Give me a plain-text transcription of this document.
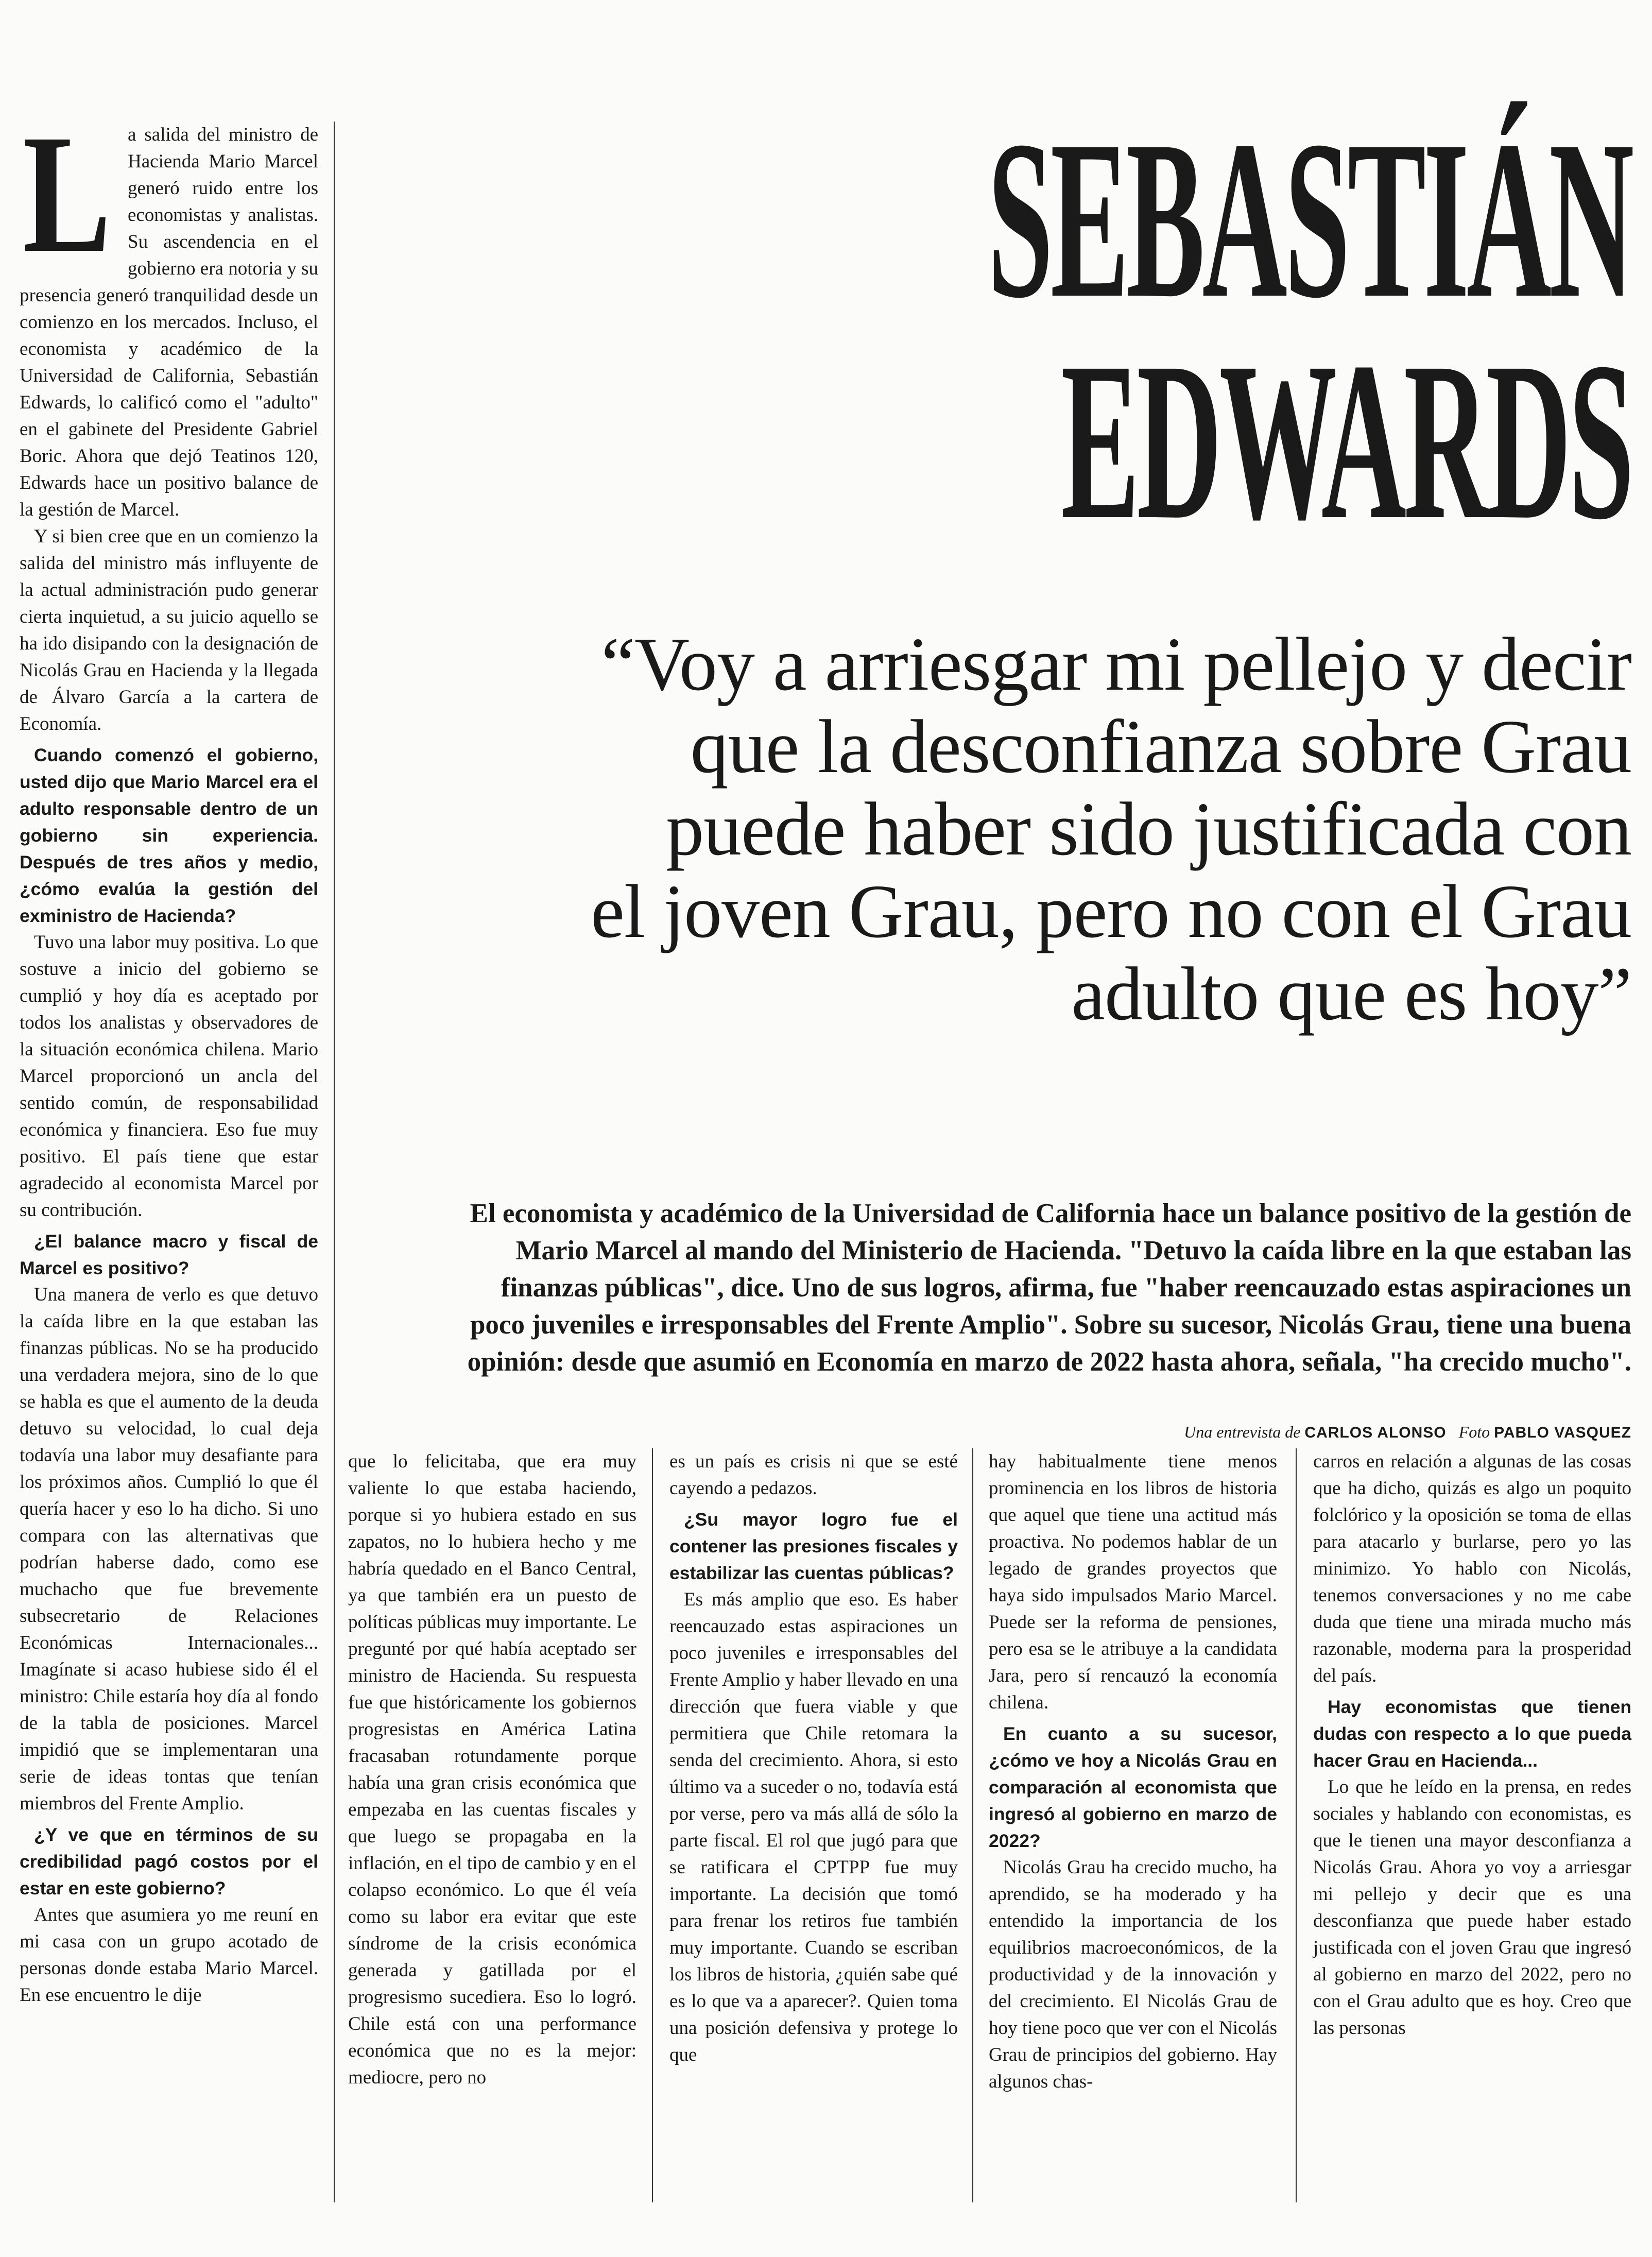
L a salida del ministro de Hacienda Mario Marcel generó ruido entre los economistas y analistas. Su ascendencia en el gobierno era notoria y su presencia generó tranquilidad desde un comienzo en los mercados. Incluso, el economista y académico de la Universidad de California, Sebastián Edwards, lo calificó como el "adulto" en el gabinete del Presidente Gabriel Boric. Ahora que dejó Teatinos 120, Edwards hace un positivo balance de la gestión de Marcel.

Y si bien cree que en un comienzo la salida del ministro más influyente de la actual administración pudo generar cierta inquietud, a su juicio aquello se ha ido disipando con la designación de Nicolás Grau en Hacienda y la llegada de Álvaro García a la cartera de Economía.

Cuando comenzó el gobierno, usted dijo que Mario Marcel era el adulto responsable dentro de un gobierno sin experiencia. Después de tres años y medio, ¿cómo evalúa la gestión del exministro de Hacienda?

Tuvo una labor muy positiva. Lo que sostuve a inicio del gobierno se cumplió y hoy día es aceptado por todos los analistas y observadores de la situación económica chilena. Mario Marcel proporcionó un ancla del sentido común, de responsabilidad económica y financiera. Eso fue muy positivo. El país tiene que estar agradecido al economista Marcel por su contribución.

¿El balance macro y fiscal de Marcel es positivo?

Una manera de verlo es que detuvo la caída libre en la que estaban las finanzas públicas. No se ha producido una verdadera mejora, sino de lo que se habla es que el aumento de la deuda detuvo su velocidad, lo cual deja todavía una labor muy desafiante para los próximos años. Cumplió lo que él quería hacer y eso lo ha dicho. Si uno compara con las alternativas que podrían haberse dado, como ese muchacho que fue brevemente subsecretario de Relaciones Económicas Internacionales... Imagínate si acaso hubiese sido él el ministro: Chile estaría hoy día al fondo de la tabla de posiciones. Marcel impidió que se implementaran una serie de ideas tontas que tenían miembros del Frente Amplio.

¿Y ve que en términos de su credibilidad pagó costos por el estar en este gobierno?

Antes que asumiera yo me reuní en mi casa con un grupo acotado de personas donde estaba Mario Marcel. En ese encuentro le dije

SEBASTIÁN
EDWARDS
“Voy a arriesgar mi pellejo y decir
que la desconfianza sobre Grau
puede haber sido justificada con
el joven Grau, pero no con el Grau
adulto que es hoy”
El economista y académico de la Universidad de California hace un balance positivo de la gestión de Mario Marcel al mando del Ministerio de Hacienda. "Detuvo la caída libre en la que estaban las finanzas públicas", dice. Uno de sus logros, afirma, fue "haber reencauzado estas aspiraciones un poco juveniles e irresponsables del Frente Amplio". Sobre su sucesor, Nicolás Grau, tiene una buena opinión: desde que asumió en Economía en marzo de 2022 hasta ahora, señala, "ha crecido mucho".
Una entrevista de CARLOS ALONSO Foto PABLO VASQUEZ

que lo felicitaba, que era muy valiente lo que estaba haciendo, porque si yo hubiera estado en sus zapatos, no lo hubiera hecho y me habría quedado en el Banco Central, ya que también era un puesto de políticas públicas muy importante. Le pregunté por qué había aceptado ser ministro de Hacienda. Su respuesta fue que históricamente los gobiernos progresistas en América Latina fracasaban rotundamente porque había una gran crisis económica que empezaba en las cuentas fiscales y que luego se propagaba en la inflación, en el tipo de cambio y en el colapso económico. Lo que él veía como su labor era evitar que este síndrome de la crisis económica generada y gatillada por el progresismo sucediera. Eso lo logró. Chile está con una performance económica que no es la mejor: mediocre, pero no

es un país es crisis ni que se esté cayendo a pedazos.

¿Su mayor logro fue el contener las presiones fiscales y estabilizar las cuentas públicas?

Es más amplio que eso. Es haber reencauzado estas aspiraciones un poco juveniles e irresponsables del Frente Amplio y haber llevado en una dirección que fuera viable y que permitiera que Chile retomara la senda del crecimiento. Ahora, si esto último va a suceder o no, todavía está por verse, pero va más allá de sólo la parte fiscal. El rol que jugó para que se ratificara el CPTPP fue muy importante. La decisión que tomó para frenar los retiros fue también muy importante. Cuando se escriban los libros de historia, ¿quién sabe qué es lo que va a aparecer?. Quien toma una posición defensiva y protege lo que

hay habitualmente tiene menos prominencia en los libros de historia que aquel que tiene una actitud más proactiva. No podemos hablar de un legado de grandes proyectos que haya sido impulsados Mario Marcel. Puede ser la reforma de pensiones, pero esa se le atribuye a la candidata Jara, pero sí rencauzó la economía chilena.

En cuanto a su sucesor, ¿cómo ve hoy a Nicolás Grau en comparación al economista que ingresó al gobierno en marzo de 2022?

Nicolás Grau ha crecido mucho, ha aprendido, se ha moderado y ha entendido la importancia de los equilibrios macroeconómicos, de la productividad y de la innovación y del crecimiento. El Nicolás Grau de hoy tiene poco que ver con el Nicolás Grau de principios del gobierno. Hay algunos chas-

carros en relación a algunas de las cosas que ha dicho, quizás es algo un poquito folclórico y la oposición se toma de ellas para atacarlo y burlarse, pero yo las minimizo. Yo hablo con Nicolás, tenemos conversaciones y no me cabe duda que tiene una mirada mucho más razonable, moderna para la prosperidad del país.

Hay economistas que tienen dudas con respecto a lo que pueda hacer Grau en Hacienda...

Lo que he leído en la prensa, en redes sociales y hablando con economistas, es que le tienen una mayor desconfianza a Nicolás Grau. Ahora yo voy a arriesgar mi pellejo y decir que es una desconfianza que puede haber estado justificada con el joven Grau que ingresó al gobierno en marzo del 2022, pero no con el Grau adulto que es hoy. Creo que las personas
